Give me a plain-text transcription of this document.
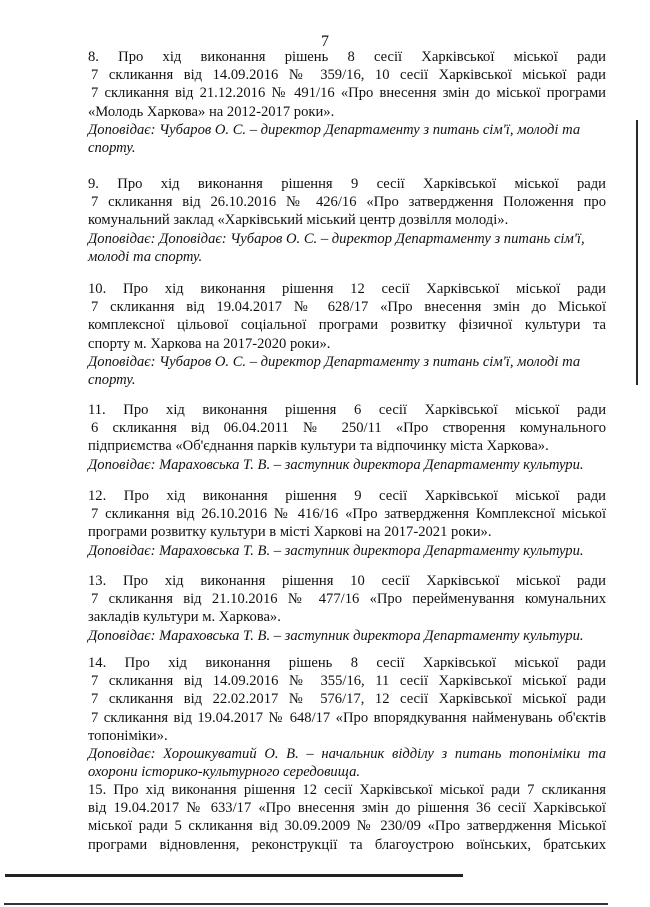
7
8. Про хід виконання рішень 8 сесії Харківської міської ради
7 скликання від 14.09.2016 № 359/16, 10 сесії Харківської міської ради
7 скликання від 21.12.2016 № 491/16 «Про внесення змін до міської програми
«Молодь Харкова» на 2012-2017 роки».
Доповідає: Чубаров О. С. – директор Департаменту з питань сім'ї, молоді та
спорту.
9. Про хід виконання рішення 9 сесії Харківської міської ради
7 скликання від 26.10.2016 № 426/16 «Про затвердження Положення про
комунальний заклад «Харківський міський центр дозвілля молоді».
Доповідає: Доповідає: Чубаров О. С. – директор Департаменту з питань сім'ї,
молоді та спорту.
10. Про хід виконання рішення 12 сесії Харківської міської ради
7 скликання від 19.04.2017 № 628/17 «Про внесення змін до Міської
комплексної цільової соціальної програми розвитку фізичної культури та
спорту м. Харкова на 2017-2020 роки».
Доповідає: Чубаров О. С. – директор Департаменту з питань сім'ї, молоді та
спорту.
11. Про хід виконання рішення 6 сесії Харківської міської ради
6 скликання від 06.04.2011 № 250/11 «Про створення комунального
підприємства «Об'єднання парків культури та відпочинку міста Харкова».
Доповідає: Мараховська Т. В. – заступник директора Департаменту культури.
12. Про хід виконання рішення 9 сесії Харківської міської ради
7 скликання від 26.10.2016 № 416/16 «Про затвердження Комплексної міської
програми розвитку культури в місті Харкові на 2017-2021 роки».
Доповідає: Мараховська Т. В. – заступник директора Департаменту культури.
13. Про хід виконання рішення 10 сесії Харківської міської ради
7 скликання від 21.10.2016 № 477/16 «Про перейменування комунальних
закладів культури м. Харкова».
Доповідає: Мараховська Т. В. – заступник директора Департаменту культури.
14. Про хід виконання рішень 8 сесії Харківської міської ради
7 скликання від 14.09.2016 № 355/16, 11 сесії Харківської міської ради
7 скликання від 22.02.2017 № 576/17, 12 сесії Харківської міської ради
7 скликання від 19.04.2017 № 648/17 «Про впорядкування найменувань об'єктів
топоніміки».
Доповідає: Хорошкуватий О. В. – начальник відділу з питань топоніміки та
охорони історико-культурного середовища.
15. Про хід виконання рішення 12 сесії Харківської міської ради 7 скликання
від 19.04.2017 № 633/17 «Про внесення змін до рішення 36 сесії Харківської
міської ради 5 скликання від 30.09.2009 № 230/09 «Про затвердження Міської
програми відновлення, реконструкції та благоустрою воїнських, братських
